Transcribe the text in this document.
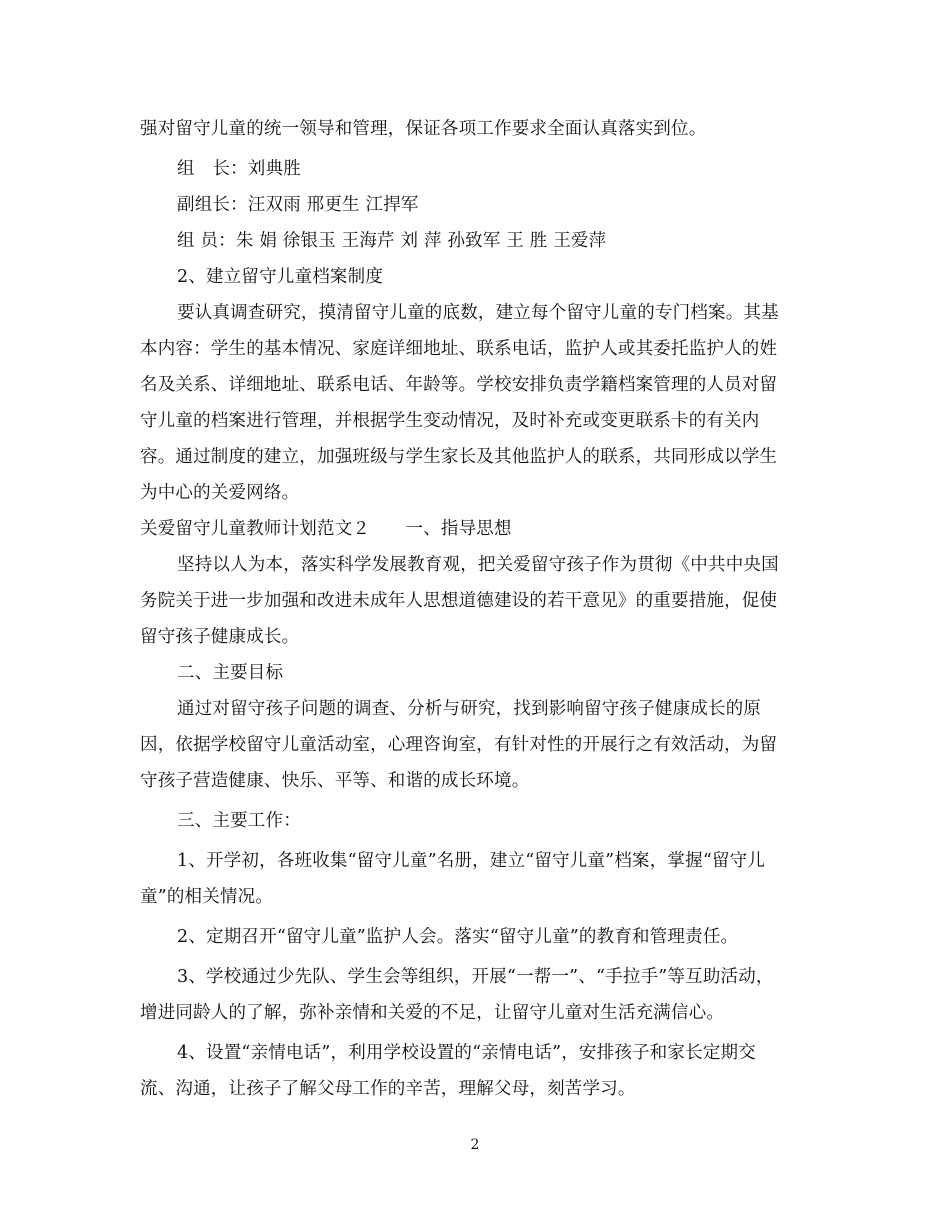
强对留守儿童的统一领导和管理，保证各项工作要求全面认真落实到位。
组　长：刘典胜
副组长：汪双雨 邢更生 江捍军
组 员：朱 娟 徐银玉 王海芹 刘 萍 孙致军 王 胜 王爱萍
2、建立留守儿童档案制度
要认真调查研究，摸清留守儿童的底数，建立每个留守儿童的专门档案。其基
本内容：学生的基本情况、家庭详细地址、联系电话，监护人或其委托监护人的姓
名及关系、详细地址、联系电话、年龄等。学校安排负责学籍档案管理的人员对留
守儿童的档案进行管理，并根据学生变动情况，及时补充或变更联系卡的有关内
容。通过制度的建立，加强班级与学生家长及其他监护人的联系，共同形成以学生
为中心的关爱网络。
关爱留守儿童教师计划范文２　　一、指导思想
坚持以人为本，落实科学发展教育观，把关爱留守孩子作为贯彻《中共中央国
务院关于进一步加强和改进未成年人思想道德建设的若干意见》的重要措施，促使
留守孩子健康成长。
二、主要目标
通过对留守孩子问题的调查、分析与研究，找到影响留守孩子健康成长的原
因，依据学校留守儿童活动室，心理咨询室，有针对性的开展行之有效活动，为留
守孩子营造健康、快乐、平等、和谐的成长环境。
三、主要工作：
1、开学初，各班收集“留守儿童”名册，建立“留守儿童”档案，掌握“留守儿
童”的相关情况。
2、定期召开“留守儿童”监护人会。落实“留守儿童”的教育和管理责任。
3、学校通过少先队、学生会等组织，开展“一帮一”、“手拉手”等互助活动，
增进同龄人的了解，弥补亲情和关爱的不足，让留守儿童对生活充满信心。
4、设置“亲情电话”，利用学校设置的“亲情电话”，安排孩子和家长定期交
流、沟通，让孩子了解父母工作的辛苦，理解父母，刻苦学习。
2
